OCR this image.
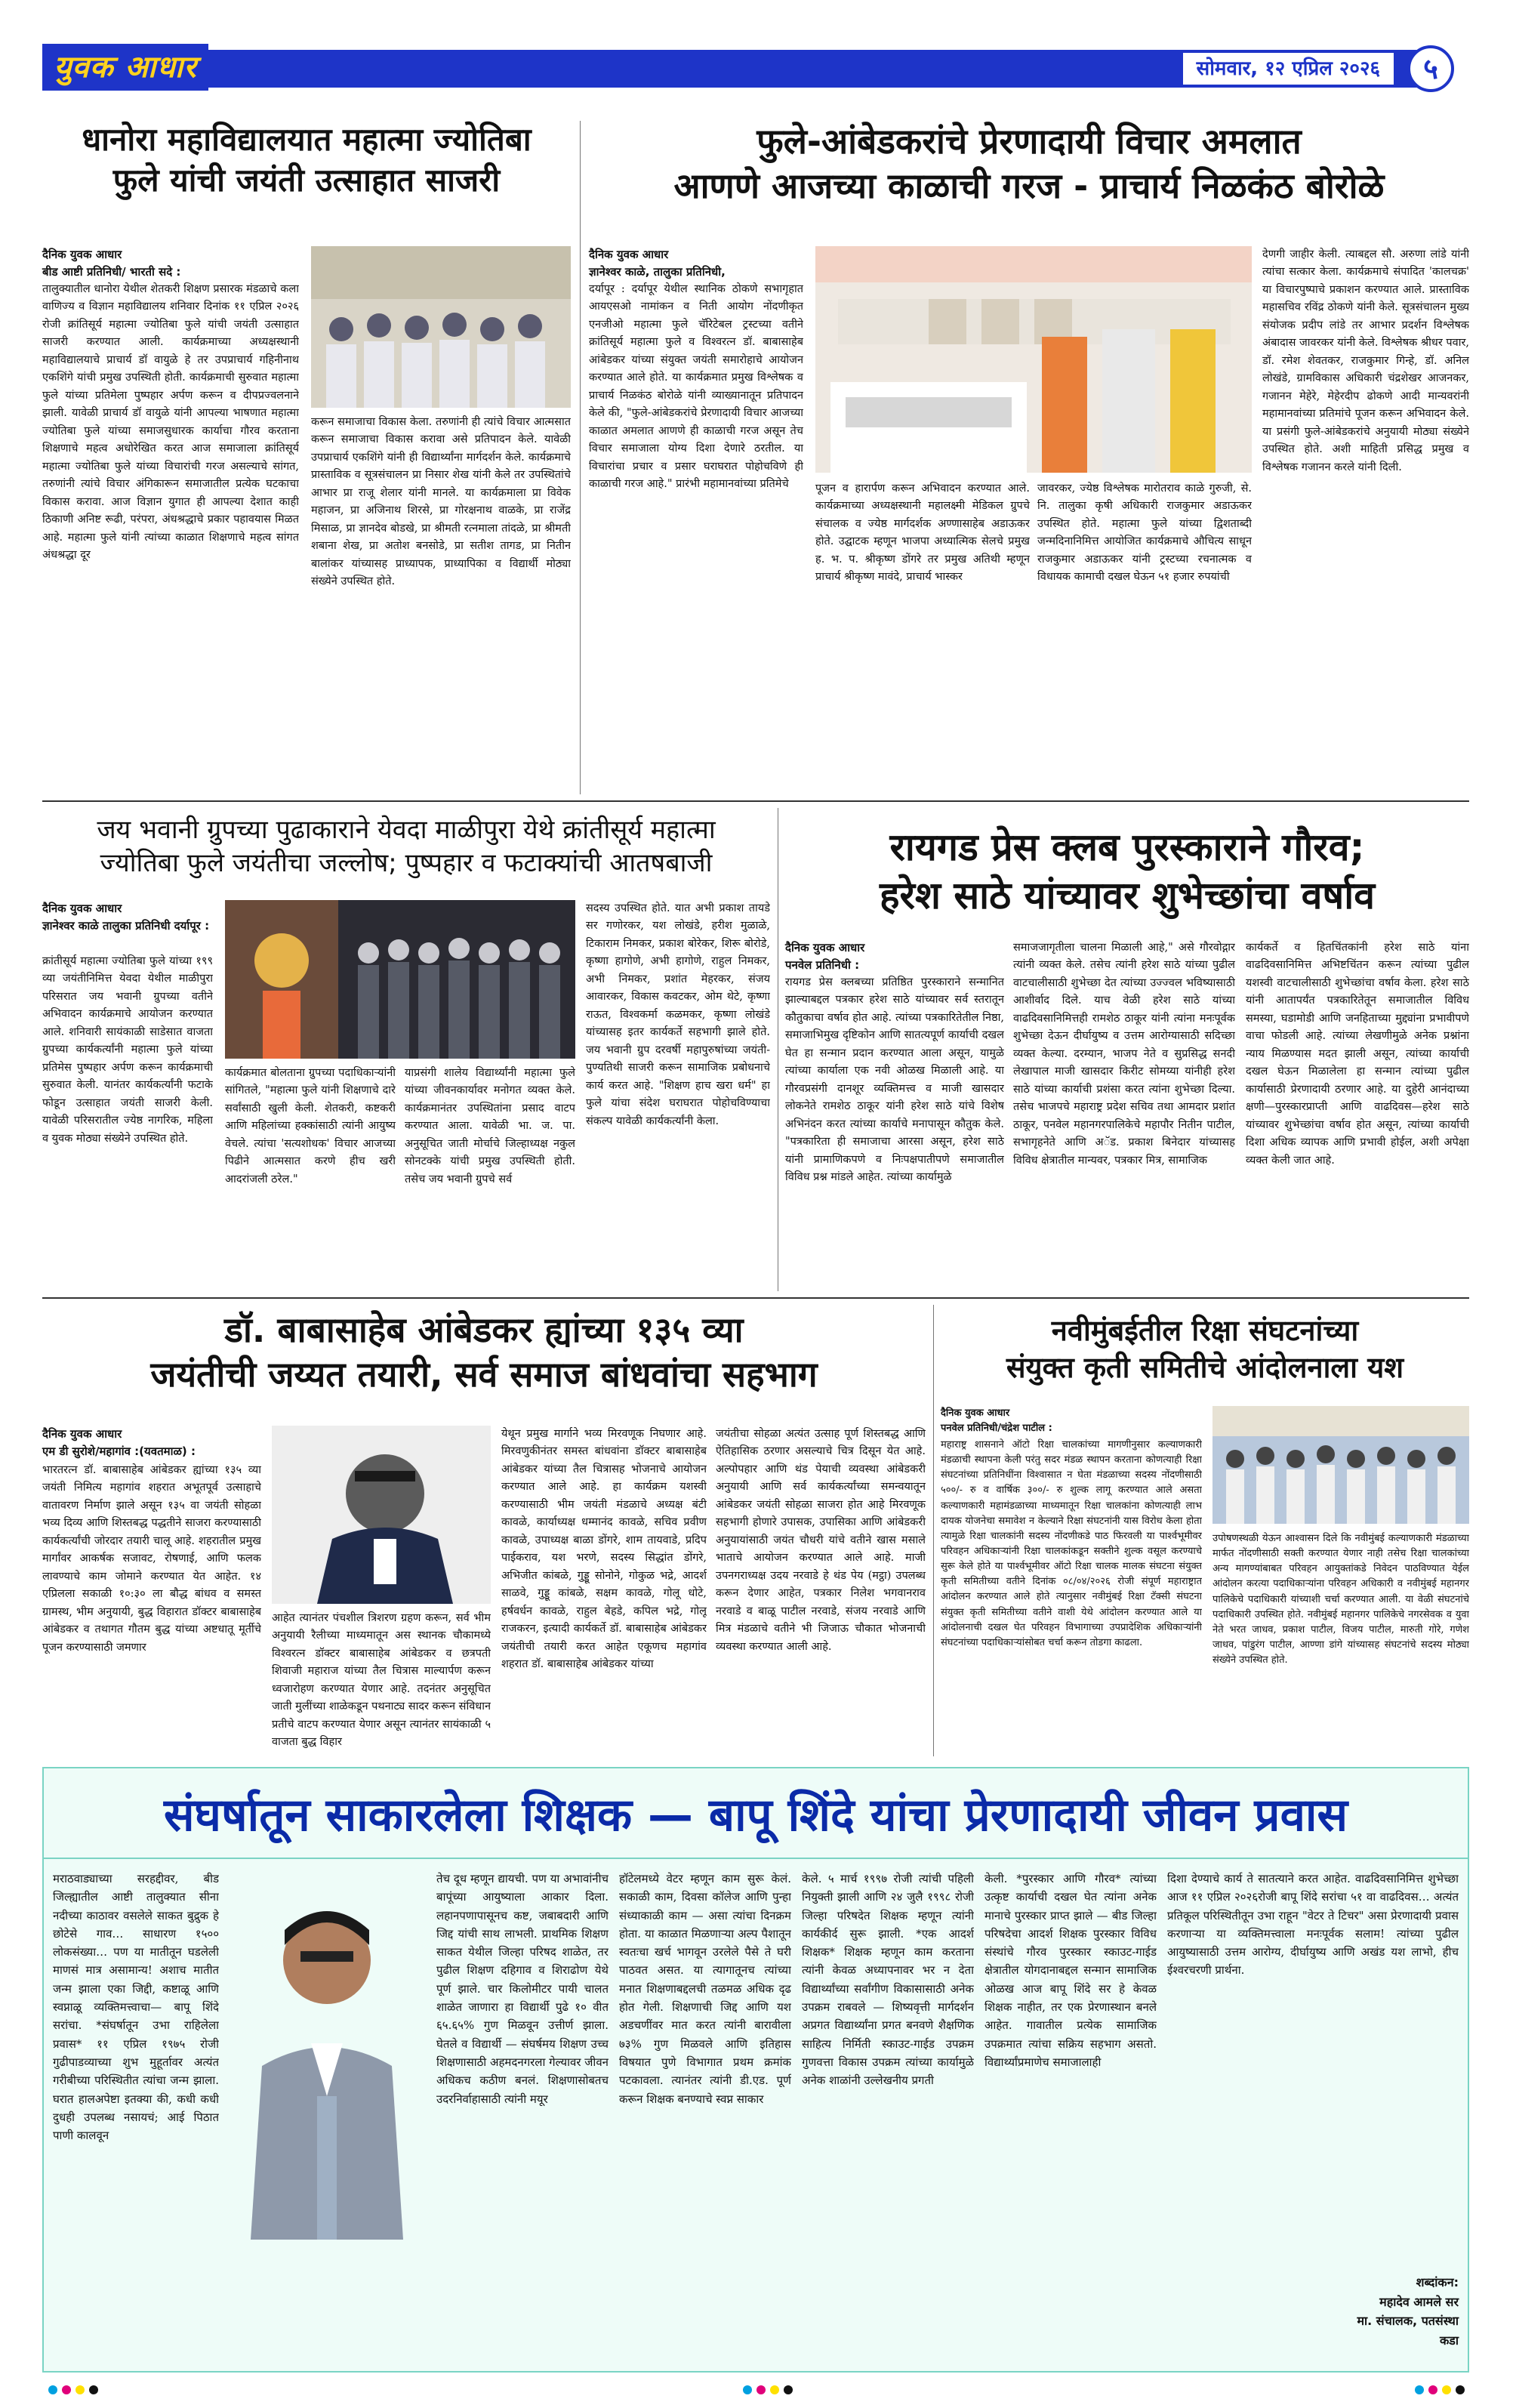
युवक आधार	सोमवार, १२ एप्रिल २०२६	५
धानोरा महाविद्यालयात महात्मा ज्योतिबा
फुले यांची जयंती उत्साहात साजरी
दैनिक युवक आधार
बीड आष्टी प्रतिनिधी/ भारती सदे :
तालुक्यातील धानोरा येथील शेतकरी शिक्षण प्रसारक मंडळाचे कला वाणिज्य व विज्ञान महाविद्यालय शनिवार दिनांक ११ एप्रिल २०२६ रोजी क्रांतिसूर्य महात्मा ज्योतिबा फुले यांची जयंती उत्साहात साजरी करण्यात आली. कार्यक्रमाच्या अध्यक्षस्थानी महाविद्यालयाचे प्राचार्य डॉ वायुळे हे तर उपप्राचार्य गहिनीनाथ एकशिंगे यांची प्रमुख उपस्थिती होती. कार्यक्रमाची सुरुवात महात्मा फुले यांच्या प्रतिमेला पुष्पहार अर्पण करून व दीपप्रज्वलनाने झाली. यावेळी प्राचार्य डॉ वायुळे यांनी आपल्या भाषणात महात्मा ज्योतिबा फुले यांच्या समाजसुधारक कार्याचा गौरव करताना शिक्षणाचे महत्व अधोरेखित करत आज समाजाला क्रांतिसूर्य महात्मा ज्योतिबा फुले यांच्या विचारांची गरज असल्याचे सांगत, तरुणांनी त्यांचे विचार अंगिकारून समाजातील प्रत्येक घटकाचा विकास करावा. आज विज्ञान युगात ही आपल्या देशात काही ठिकाणी अनिष्ट रूढी, परंपरा, अंधश्रद्धाचे प्रकार पहावयास मिळत आहे. महात्मा फुले यांनी त्यांच्या काळात शिक्षणाचे महत्व सांगत अंधश्रद्धा दूर
करून समाजाचा विकास केला. तरुणांनी ही त्यांचे विचार आत्मसात करून समाजाचा विकास करावा असे प्रतिपादन केले. यावेळी उपप्राचार्य एकशिंगे यांनी ही विद्यार्थ्यांना मार्गदर्शन केले. कार्यक्रमाचे प्रास्ताविक व सूत्रसंचालन प्रा निसार शेख यांनी केले तर उपस्थितांचे आभार प्रा राजू शेलार यांनी मानले. या कार्यक्रमाला प्रा विवेक महाजन, प्रा अजिनाथ शिरसे, प्रा गोरक्षनाथ वाळके, प्रा राजेंद्र मिसाळ, प्रा ज्ञानदेव बोडखे, प्रा श्रीमती रत्नमाला तांदळे, प्रा श्रीमती शबाना शेख, प्रा अतोश बनसोडे, प्रा सतीश तागड, प्रा नितीन बालांकर यांच्यासह प्राध्यापक, प्राध्यापिका व विद्यार्थी मोठ्या संख्येने उपस्थित होते.
फुले-आंबेडकरांचे प्रेरणादायी विचार अमलात
आणणे आजच्या काळाची गरज - प्राचार्य निळकंठ बोरोळे
दैनिक युवक आधार
ज्ञानेश्वर काळे, तालुका प्रतिनिधी,
दर्यापूर : दर्यापूर येथील स्थानिक ठोकणे सभागृहात आयएसओ नामांकन व निती आयोग नोंदणीकृत एनजीओ महात्मा फुले चॅरिटेबल ट्रस्टच्या वतीने क्रांतिसूर्य महात्मा फुले व विश्वरत्न डॉ. बाबासाहेब आंबेडकर यांच्या संयुक्त जयंती समारोहाचे आयोजन करण्यात आले होते. या कार्यक्रमात प्रमुख विश्लेषक व प्राचार्य निळकंठ बोरोळे यांनी व्याख्यानातून प्रतिपादन केले की, "फुले-आंबेडकरांचे प्रेरणादायी विचार आजच्या काळात अमलात आणणे ही काळाची गरज असून तेच विचार समाजाला योग्य दिशा देणारे ठरतील. या विचारांचा प्रचार व प्रसार घराघरात पोहोचविणे ही काळाची गरज आहे." प्रारंभी महामानवांच्या प्रतिमेचे	पूजन व हारार्पण करून अभिवादन करण्यात आले. कार्यक्रमाच्या अध्यक्षस्थानी महालक्ष्मी मेडिकल ग्रुपचे संचालक व ज्येष्ठ मार्गदर्शक अण्णासाहेब अडाऊकर होते. उद्घाटक म्हणून भाजपा अध्यात्मिक सेलचे प्रमुख ह. भ. प. श्रीकृष्ण डोंगरे तर प्रमुख अतिथी म्हणून प्राचार्य श्रीकृष्ण मावंदे, प्राचार्य भास्कर
जावरकर, ज्येष्ठ विश्लेषक मारोतराव काळे गुरुजी, से. नि. तालुका कृषी अधिकारी राजकुमार अडाऊकर उपस्थित होते. महात्मा फुले यांच्या द्विशताब्दी जन्मदिनानिमित्त आयोजित कार्यक्रमाचे औचित्य साधून राजकुमार अडाऊकर यांनी ट्रस्टच्या रचनात्मक व विधायक कामाची दखल घेऊन ५१ हजार रुपयांची
देणगी जाहीर केली. त्याबद्दल सौ. अरुणा लांडे यांनी त्यांचा सत्कार केला. कार्यक्रमाचे संपादित 'कालचक्र' या विचारपुष्पाचे प्रकाशन करण्यात आले. प्रास्ताविक महासचिव रविंद्र ठोकणे यांनी केले. सूत्रसंचालन मुख्य संयोजक प्रदीप लांडे तर आभार प्रदर्शन विश्लेषक अंबादास जावरकर यांनी केले. विश्लेषक श्रीधर पवार, डॉ. रमेश शेवतकर, राजकुमार गिन्हे, डॉ. अनिल लोखंडे, ग्रामविकास अधिकारी चंद्रशेखर आजनकर, गजानन मेहेरे, मेहेरदीप ढोकणे आदी मान्यवरांनी महामानवांच्या प्रतिमांचे पूजन करून अभिवादन केले. या प्रसंगी फुले-आंबेडकरांचे अनुयायी मोठ्या संख्येने उपस्थित होते. अशी माहिती प्रसिद्ध प्रमुख व विश्लेषक गजानन करले यांनी दिली.
जय भवानी ग्रुपच्या पुढाकाराने येवदा माळीपुरा येथे क्रांतीसूर्य महात्मा
ज्योतिबा फुले जयंतीचा जल्लोष; पुष्पहार व फटाक्यांची आतषबाजी
दैनिक युवक आधार
ज्ञानेश्वर काळे तालुका प्रतिनिधी दर्यापूर :
क्रांतीसूर्य महात्मा ज्योतिबा फुले यांच्या १९९ व्या जयंतीनिमित्त येवदा येथील माळीपुरा परिसरात जय भवानी ग्रुपच्या वतीने अभिवादन कार्यक्रमाचे आयोजन करण्यात आले. शनिवारी सायंकाळी साडेसात वाजता ग्रुपच्या कार्यकर्त्यांनी महात्मा फुले यांच्या प्रतिमेस पुष्पहार अर्पण करून कार्यक्रमाची सुरुवात केली. यानंतर कार्यकर्त्यांनी फटाके फोडून उत्साहात जयंती साजरी केली. यावेळी परिसरातील ज्येष्ठ नागरिक, महिला व युवक मोठ्या संख्येने उपस्थित होते.
कार्यक्रमात बोलताना ग्रुपच्या पदाधिकाऱ्यांनी सांगितले, "महात्मा फुले यांनी शिक्षणाचे दारे सर्वांसाठी खुली केली. शेतकरी, कष्टकरी आणि महिलांच्या हक्कांसाठी त्यांनी आयुष्य वेचले. त्यांचा 'सत्यशोधक' विचार आजच्या पिढीने आत्मसात करणे हीच खरी आदरांजली ठरेल."
याप्रसंगी शालेय विद्यार्थ्यांनी महात्मा फुले यांच्या जीवनकार्यावर मनोगत व्यक्त केले. कार्यक्रमानंतर उपस्थितांना प्रसाद वाटप करण्यात आला. यावेळी भा. ज. पा. अनुसूचित जाती मोर्चाचे जिल्हाध्यक्ष नकुल सोनटक्के यांची प्रमुख उपस्थिती होती. तसेच जय भवानी ग्रुपचे सर्व
सदस्य उपस्थित होते. यात अभी प्रकाश तायडे सर गणोरकर, यश लोखंडे, हरीश मुळाळे, टिकाराम निमकर, प्रकाश बोरेकर, शिरू बोरोडे, कृष्णा हागोणे, अभी हागोणे, राहुल निमकर, अभी निमकर, प्रशांत मेहरकर, संजय आवारकर, विकास कवटकर, ओम थेटे, कृष्णा राऊत, विश्वकर्मा कळमकर, कृष्णा लोखंडे यांच्यासह इतर कार्यकर्ते सहभागी झाले होते. जय भवानी ग्रुप दरवर्षी महापुरुषांच्या जयंती-पुण्यतिथी साजरी करून सामाजिक प्रबोधनाचे कार्य करत आहे. "शिक्षण हाच खरा धर्म" हा फुले यांचा संदेश घराघरात पोहोचविण्याचा संकल्प यावेळी कार्यकर्त्यांनी केला.
रायगड प्रेस क्लब पुरस्काराने गौरव;
हरेश साठे यांच्यावर शुभेच्छांचा वर्षाव
दैनिक युवक आधार
पनवेल प्रतिनिधी :
रायगड प्रेस क्लबच्या प्रतिष्ठित पुरस्काराने सन्मानित झाल्याबद्दल पत्रकार हरेश साठे यांच्यावर सर्व स्तरातून कौतुकाचा वर्षाव होत आहे. त्यांच्या पत्रकारितेतील निष्ठा, समाजाभिमुख दृष्टिकोन आणि सातत्यपूर्ण कार्याची दखल घेत हा सन्मान प्रदान करण्यात आला असून, यामुळे त्यांच्या कार्याला एक नवी ओळख मिळाली आहे. या गौरवप्रसंगी दानशूर व्यक्तिमत्त्व व माजी खासदार लोकनेते रामशेठ ठाकूर यांनी हरेश साठे यांचे विशेष अभिनंदन करत त्यांच्या कार्याचे मनापासून कौतुक केले. "पत्रकारिता ही समाजाचा आरसा असून, हरेश साठे यांनी प्रामाणिकपणे व निःपक्षपातीपणे समाजातील विविध प्रश्न मांडले आहेत. त्यांच्या कार्यामुळे
समाजजागृतीला चालना मिळाली आहे," असे गौरवोद्गार त्यांनी व्यक्त केले. तसेच त्यांनी हरेश साठे यांच्या पुढील वाटचालीसाठी शुभेच्छा देत त्यांच्या उज्ज्वल भविष्यासाठी आशीर्वाद दिले. याच वेळी हरेश साठे यांच्या वाढदिवसानिमित्तही रामशेठ ठाकूर यांनी त्यांना मनःपूर्वक शुभेच्छा देऊन दीर्घायुष्य व उत्तम आरोग्यासाठी सदिच्छा व्यक्त केल्या. दरम्यान, भाजप नेते व सुप्रसिद्ध सनदी लेखापाल माजी खासदार किरीट सोमय्या यांनीही हरेश साठे यांच्या कार्याची प्रशंसा करत त्यांना शुभेच्छा दिल्या. तसेच भाजपचे महाराष्ट्र प्रदेश सचिव तथा आमदार प्रशांत ठाकूर, पनवेल महानगरपालिकेचे महापौर नितीन पाटील, सभागृहनेते आणि अॅड. प्रकाश बिनेदार यांच्यासह विविध क्षेत्रातील मान्यवर, पत्रकार मित्र, सामाजिक
कार्यकर्ते व हितचिंतकांनी हरेश साठे यांना वाढदिवसानिमित्त अभिष्टचिंतन करून त्यांच्या पुढील यशस्वी वाटचालीसाठी शुभेच्छांचा वर्षाव केला. हरेश साठे यांनी आतापर्यंत पत्रकारितेतून समाजातील विविध समस्या, घडामोडी आणि जनहिताच्या मुद्द्यांना प्रभावीपणे वाचा फोडली आहे. त्यांच्या लेखणीमुळे अनेक प्रश्नांना न्याय मिळण्यास मदत झाली असून, त्यांच्या कार्याची दखल घेऊन मिळालेला हा सन्मान त्यांच्या पुढील कार्यासाठी प्रेरणादायी ठरणार आहे. या दुहेरी आनंदाच्या क्षणी—पुरस्कारप्राप्ती आणि वाढदिवस—हरेश साठे यांच्यावर शुभेच्छांचा वर्षाव होत असून, त्यांच्या कार्याची दिशा अधिक व्यापक आणि प्रभावी होईल, अशी अपेक्षा व्यक्त केली जात आहे.
डॉ. बाबासाहेब आंबेडकर ह्यांच्या १३५ व्या
जयंतीची जय्यत तयारी, सर्व समाज बांधवांचा सहभाग
दैनिक युवक आधार
एम डी सुरोशे/महागांव :(यवतमाळ) :
भारतरत्न डॉ. बाबासाहेब आंबेडकर ह्यांच्या १३५ व्या जयंती निमित्य महागांव शहरात अभूतपूर्व उत्साहाचे वातावरण निर्माण झाले असून १३५ वा जयंती सोहळा भव्य दिव्य आणि शिस्तबद्ध पद्धतीने साजरा करण्यासाठी कार्यकर्त्यांची जोरदार तयारी चालू आहे. शहरातील प्रमुख मार्गांवर आकर्षक सजावट, रोषणाई, आणि फलक लावण्याचे काम जोमाने करण्यात येत आहेत. १४ एप्रिलला सकाळी १०:३० ला बौद्ध बांधव व समस्त ग्रामस्थ, भीम अनुयायी, बुद्ध विहारात डॉक्टर बाबासाहेब आंबेडकर व तथागत गौतम बुद्ध यांच्या अष्टधातू मूर्तीचे पूजन करण्यासाठी जमणार
आहेत त्यानंतर पंचशील त्रिशरण ग्रहण करून, सर्व भीम अनुयायी रैलीच्या माध्यमातून अस स्थानक चौकामध्ये विश्वरत्न डॉक्टर बाबासाहेब आंबेडकर व छत्रपती शिवाजी महाराज यांच्या तैल चित्रास माल्यार्पण करून ध्वजारोहण करण्यात येणार आहे. तदनंतर अनुसूचित जाती मुलींच्या शाळेकडून पथनाट्य सादर करून संविधान प्रतीचे वाटप करण्यात येणार असून त्यानंतर सायंकाळी ५ वाजता बुद्ध विहार
येथून प्रमुख मार्गाने भव्य मिरवणूक निघणार आहे. मिरवणुकीनंतर समस्त बांधवांना डॉक्टर बाबासाहेब आंबेडकर यांच्या तैल चित्रासह भोजनाचे आयोजन करण्यात आले आहे. हा कार्यक्रम यशस्वी करण्यासाठी भीम जयंती मंडळाचे अध्यक्ष बंटी कावळे, कार्याध्यक्ष धम्मानंद कावळे, सचिव प्रवीण कावळे, उपाध्यक्ष बाळा डोंगरे, शाम तायवाडे, प्रदिप पाईकराव, यश भरणे, सदस्य सिद्धांत डोंगरे, अभिजीत कांबळे, गुड्डू सोनोने, गोकुळ भद्रे, आदर्श साळवे, गुड्डू कांबळे, सक्षम कावळे, गोलू धोटे, हर्षवर्धन कावळे, राहुल बेहडे, कपिल भद्रे, गोलू राजकरन, इत्यादी कार्यकर्ते डॉ. बाबासाहेब आंबेडकर जयंतीची तयारी करत आहेत एकूणच महागांव शहरात डॉ. बाबासाहेब आंबेडकर यांच्या
जयंतीचा सोहळा अत्यंत उत्साह पूर्ण शिस्तबद्ध आणि ऐतिहासिक ठरणार असल्याचे चित्र दिसून येत आहे. अल्पोपहार आणि थंड पेयाची व्यवस्था आंबेडकरी अनुयायी आणि सर्व कार्यकर्त्यांच्या समन्वयातून आंबेडकर जयंती सोहळा साजरा होत आहे मिरवणूक सहभागी होणारे उपासक, उपासिका आणि आंबेडकरी अनुयायांसाठी जयंत चौधरी यांचे वतीने खास मसाले भाताचे आयोजन करण्यात आले आहे. माजी उपनगराध्यक्ष उदय नरवाडे हे थंड पेय (मट्ठा) उपलब्ध करून देणार आहेत, पत्रकार निलेश भगवानराव नरवाडे व बाळू पाटील नरवाडे, संजय नरवाडे आणि मित्र मंडळाचे वतीने भी जिजाऊ चौकात भोजनाची व्यवस्था करण्यात आली आहे.
नवीमुंबईतील रिक्षा संघटनांच्या
संयुक्त कृती समितीचे आंदोलनाला यश
दैनिक युवक आधार
पनवेल प्रतिनिधी/चंद्रेश पाटील :
महाराष्ट्र शासनाने ऑटो रिक्षा चालकांच्या मागणीनुसार कल्याणकारी मंडळाची स्थापना केली परंतु सदर मंडळ स्थापन करताना कोणत्याही रिक्षा संघटनांच्या प्रतिनिधींना विश्वासात न घेता मंडळाच्या सदस्य नोंदणीसाठी ५००/- रु व वार्षिक ३००/- रु शुल्क लागू करण्यात आले असता कल्याणकारी महामंडळाच्या माध्यमातून रिक्षा चालकांना कोणत्याही लाभ दायक योजनेचा समावेश न केल्याने रिक्षा संघटनांनी यास विरोध केला होता त्यामुळे रिक्षा चालकांनी सदस्य नोंदणीकडे पाठ फिरवली या पार्श्वभूमीवर परिवहन अधिकाऱ्यांनी रिक्षा चालकांकडून सक्तीने शुल्क वसूल करण्याचे सुरू केले होते या पार्श्वभूमीवर ऑटो रिक्षा चालक मालक संघटना संयुक्त कृती समितीच्या वतीने दिनांक ०८/०४/२०२६ रोजी संपूर्ण महाराष्ट्रात आंदोलन करण्यात आले होते त्यानुसार नवीमुंबई रिक्षा टॅक्सी संघटना संयुक्त कृती समितीच्या वतीने वाशी येथे आंदोलन करण्यात आले या आंदोलनाची दखल घेत परिवहन विभागाच्या उपप्रादेशिक अधिकाऱ्यांनी संघटनांच्या पदाधिकाऱ्यांसोबत चर्चा करून तोडगा काढला.
उपोषणस्थळी येऊन आश्वासन दिले कि नवीमुंबई कल्याणकारी मंडळाच्या मार्फत नोंदणीसाठी सक्ती करण्यात येणार नाही तसेच रिक्षा चालकांच्या अन्य मागण्यांबाबत परिवहन आयुक्तांकडे निवेदन पाठविण्यात येईल आंदोलन करत्या पदाधिकाऱ्यांना परिवहन अधिकारी व नवीमुंबई महानगर पालिकेचे पदाधिकारी यांच्याशी चर्चा करण्यात आली. या वेळी संघटनांचे पदाधिकारी उपस्थित होते. नवीमुंबई महानगर पालिकेचे नगरसेवक व युवा नेते भरत जाधव, प्रकाश पाटील, विजय पाटील, मारुती गोरे, गणेश जाधव, पांडुरंग पाटील, आण्णा डांगे यांच्यासह संघटनांचे सदस्य मोठ्या संख्येने उपस्थित होते.
संघर्षातून साकारलेला शिक्षक — बापू शिंदे यांचा प्रेरणादायी जीवन प्रवास
मराठवाड्याच्या सरहद्दीवर, बीड जिल्ह्यातील आष्टी तालुक्यात सीना नदीच्या काठावर वसलेले साकत बुद्रुक हे छोटेसे गाव… साधारण १५०० लोकसंख्या… पण या मातीतून घडलेली माणसं मात्र असामान्य! अशाच मातीत जन्म झाला एका जिद्दी, कष्टाळू आणि स्वप्नाळू व्यक्तिमत्त्वाचा— बापू शिंदे सरांचा. *संघर्षातून उभा राहिलेला प्रवास* ११ एप्रिल १९७५ रोजी गुढीपाडव्याच्या शुभ मुहूर्तावर अत्यंत गरीबीच्या परिस्थितीत त्यांचा जन्म झाला. घरात हालअपेष्टा इतक्या की, कधी कधी दुधही उपलब्ध नसायचं; आई पिठात पाणी कालवून
तेच दूध म्हणून द्यायची. पण या अभावांनीच बापूंच्या आयुष्याला आकार दिला. लहानपणापासूनच कष्ट, जबाबदारी आणि जिद्द यांची साथ लाभली. प्राथमिक शिक्षण साकत येथील जिल्हा परिषद शाळेत, तर पुढील शिक्षण दहिगाव व शिराढोण येथे पूर्ण झाले. चार किलोमीटर पायी चालत शाळेत जाणारा हा विद्यार्थी पुढे १० वीत ६५.६५% गुण मिळवून उत्तीर्ण झाला. घेतले व विद्यार्थी — संघर्षमय शिक्षण उच्च शिक्षणासाठी अहमदनगरला गेल्यावर जीवन अधिकच कठीण बनलं. शिक्षणासोबतच उदरनिर्वाहासाठी त्यांनी मयूर
हॉटेलमध्ये वेटर म्हणून काम सुरू केलं. सकाळी काम, दिवसा कॉलेज आणि पुन्हा संध्याकाळी काम — असा त्यांचा दिनक्रम होता. या काळात मिळणाऱ्या अल्प पैशातून स्वतःचा खर्च भागवून उरलेले पैसे ते घरी पाठवत असत. या त्यागातूनच त्यांच्या मनात शिक्षणाबद्दलची तळमळ अधिक दृढ होत गेली. शिक्षणाची जिद्द आणि यश अडचणींवर मात करत त्यांनी बारावीला ७३% गुण मिळवले आणि इतिहास विषयात पुणे विभागात प्रथम क्रमांक पटकावला. त्यानंतर त्यांनी डी.एड. पूर्ण करून शिक्षक बनण्याचे स्वप्न साकार
केले. ५ मार्च १९९७ रोजी त्यांची पहिली नियुक्ती झाली आणि २४ जुलै १९९८ रोजी जिल्हा परिषदेत शिक्षक म्हणून त्यांनी कार्यकीर्द सुरू झाली. *एक आदर्श शिक्षक* शिक्षक म्हणून काम करताना त्यांनी केवळ अध्यापनावर भर न देता विद्यार्थ्यांच्या सर्वांगीण विकासासाठी अनेक उपक्रम राबवले — शिष्यवृत्ती मार्गदर्शन अप्रगत विद्यार्थ्यांना प्रगत बनवणे शैक्षणिक साहित्य निर्मिती स्काउट-गाईड उपक्रम गुणवत्ता विकास उपक्रम त्यांच्या कार्यामुळे अनेक शाळांनी उल्लेखनीय प्रगती
केली. *पुरस्कार आणि गौरव* त्यांच्या उत्कृष्ट कार्याची दखल घेत त्यांना अनेक मानाचे पुरस्कार प्राप्त झाले — बीड जिल्हा परिषदेचा आदर्श शिक्षक पुरस्कार विविध संस्थांचे गौरव पुरस्कार स्काउट-गाईड क्षेत्रातील योगदानाबद्दल सन्मान सामाजिक ओळख आज बापू शिंदे सर हे केवळ शिक्षक नाहीत, तर एक प्रेरणास्थान बनले आहेत. गावातील प्रत्येक सामाजिक उपक्रमात त्यांचा सक्रिय सहभाग असतो. विद्यार्थ्यांप्रमाणेच समाजालाही
दिशा देण्याचे कार्य ते सातत्याने करत आहेत. वाढदिवसानिमित्त शुभेच्छा आज ११ एप्रिल २०२६रोजी बापू शिंदे सरांचा ५१ वा वाढदिवस… अत्यंत प्रतिकूल परिस्थितीतून उभा राहून "वेटर ते टिचर" असा प्रेरणादायी प्रवास करणाऱ्या या व्यक्तिमत्त्वाला मनःपूर्वक सलाम! त्यांच्या पुढील आयुष्यासाठी उत्तम आरोग्य, दीर्घायुष्य आणि अखंड यश लाभो, हीच ईश्वरचरणी प्रार्थना.
शब्दांकन:
महादेव आमले सर
मा. संचालक, पतसंस्था
कडा
